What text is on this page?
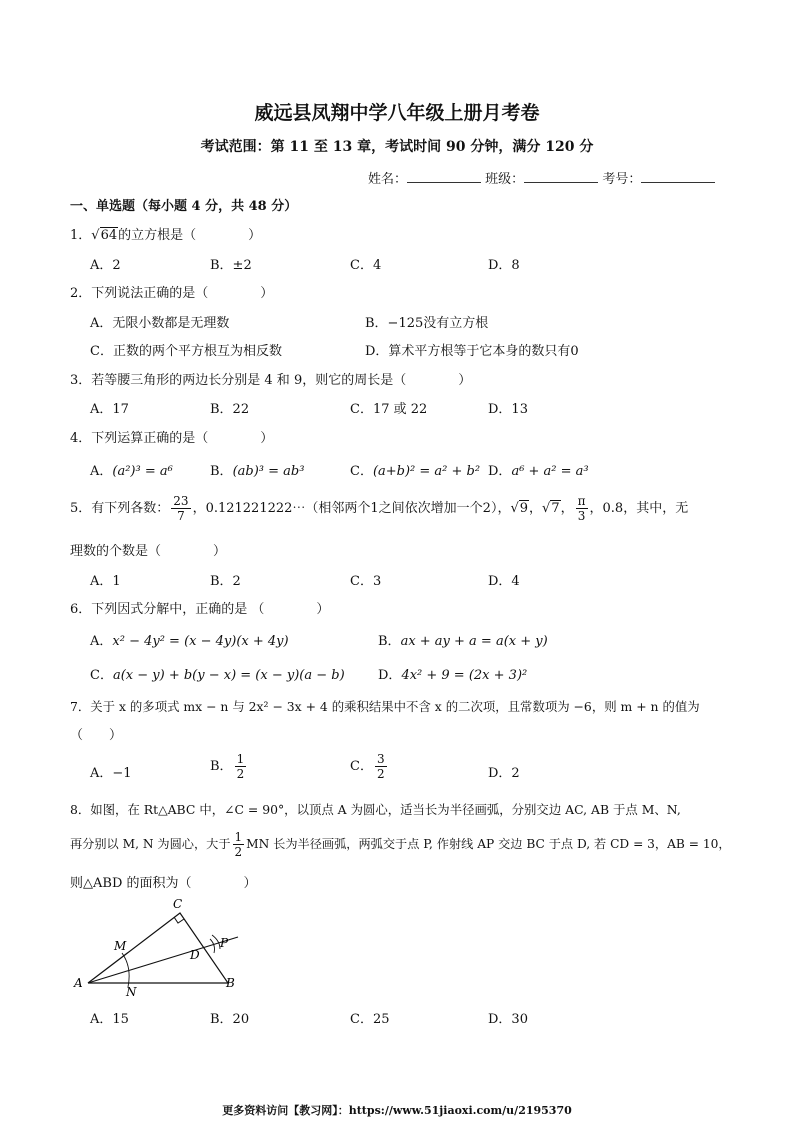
威远县凤翔中学八年级上册月考卷
考试范围：第 11 至 13 章，考试时间 90 分钟，满分 120 分
姓名：	班级：	考号：
一、单选题（每小题 4 分，共 48 分）
1．√64的立方根是（　　　　）
A．2	B．±2	C．4	D．8
2．下列说法正确的是（　　　　）
A．无限小数都是无理数	B．−125没有立方根
C．正数的两个平方根互为相反数	D．算术平方根等于它本身的数只有0
3．若等腰三角形的两边长分别是 4 和 9，则它的周长是（　　　　）
A．17	B．22	C．17 或 22	D．13
4．下列运算正确的是（　　　　）
A．(a²)³ = a⁶	B．(ab)³ = ab³	C．(a+b)² = a² + b² D．a⁶ + a² = a³
5．有下列各数： $\frac{23}{7}$ ，0.121221222⋯（相邻两个1之间依次增加一个2），√9，√7， $\frac{\pi}{3}$ ，0.8，其中，无
理数的个数是（　　　　）
A．1	B．2	C．3	D．4
6．下列因式分解中，正确的是 （　　　　）
A．x² − 4y² = (x − 4y)(x + 4y)	B．ax + ay + a = a(x + y)
C．a(x − y) + b(y − x) = (x − y)(a − b)	D．4x² + 9 = (2x + 3)²
7．关于 x 的多项式 mx − n 与 2x² − 3x + 4 的乘积结果中不含 x 的二次项，且常数项为 −6，则 m + n 的值为
（　　）
A．−1	B． $\frac{1}{2}$	C． $\frac{3}{2}$	D．2
8．如图，在 Rt△ABC 中，∠C = 90°，以顶点 A 为圆心，适当长为半径画弧，分别交边 AC, AB 于点 M、N,
再分别以 M, N 为圆心，大于 $\frac{1}{2}$ MN 长为半径画弧，两弧交于点 P, 作射线 AP 交边 BC 于点 D, 若 CD = 3，AB = 10，
则△ABD 的面积为（　　　　）
C
M	P
D
A
N
B
A．15	B．20	C．25	D．30
更多资料访问【教习网】：https://www.51jiaoxi.com/u/2195370
